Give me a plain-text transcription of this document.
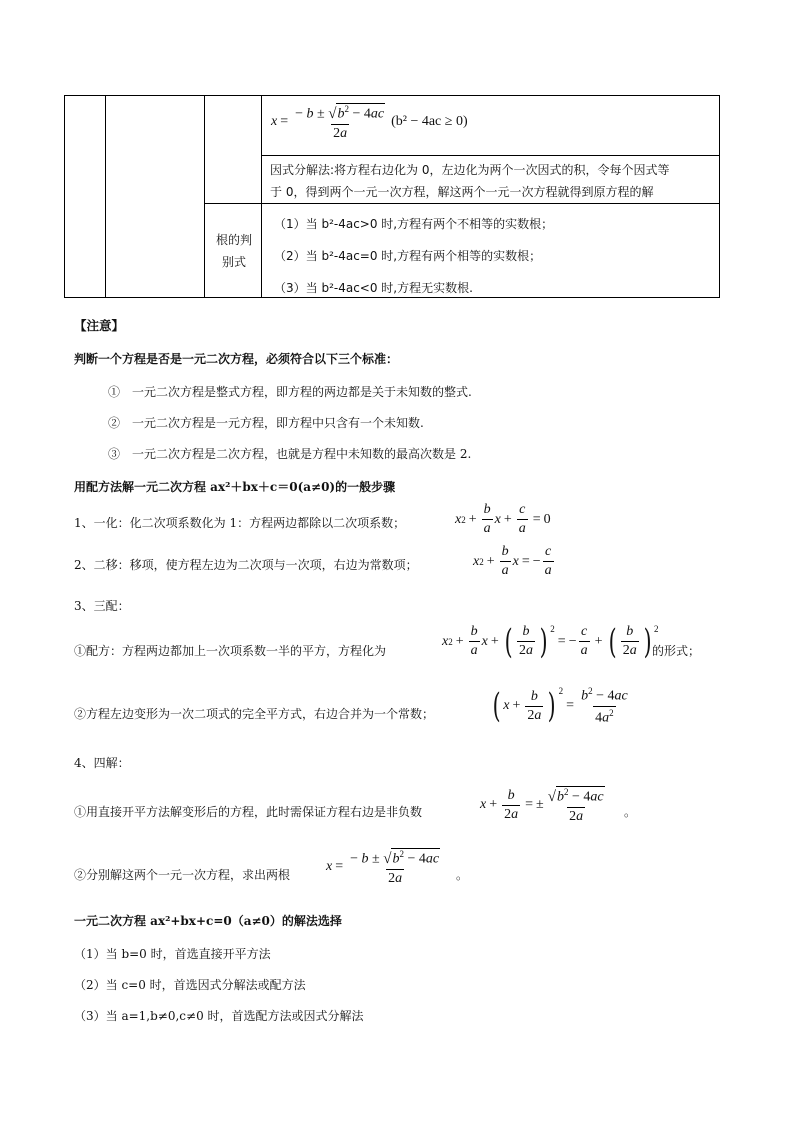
$x = \frac{- b \pm √ b^2 - 4ac}{2a} (b^2 - 4ac \ge 0)$
因式分解法:将方程右边化为 0，左边化为两个一次因式的积，令每个因式等
于 0，得到两个一元一次方程，解这两个一元一次方程就得到原方程的解
根的判
别式
（1）当 b²-4ac>0 时,方程有两个不相等的实数根；
（2）当 b²-4ac=0 时,方程有两个相等的实数根；
（3）当 b²-4ac<0 时,方程无实数根.
【注意】
判断一个方程是否是一元二次方程，必须符合以下三个标准：
①　一元二次方程是整式方程，即方程的两边都是关于未知数的整式.
②　一元二次方程是一元方程，即方程中只含有一个未知数.
③　一元二次方程是二次方程，也就是方程中未知数的最高次数是 2.
用配方法解一元二次方程 ax²＋bx＋c＝0(a≠0)的一般步骤
1、一化：化二次项系数化为 1：方程两边都除以二次项系数；	x $2 + \frac{b}{a}$ $x + \frac{c}{a} = 0$
2、二移：移项，使方程左边为二次项与一次项，右边为常数项；	x $2 + \frac{b}{a}$ x = − $\frac{c}{a}$
3、三配：
①配方：方程两边都加上一次项系数一半的平方，方程化为
x $2 + \frac{b}{a}$ x + ( $\frac{b}{2a}$ ) 2
= − $\frac{c}{a}$ + ( $\frac{b}{2a}$ ) 2
的形式；
②方程左边变形为一次二项式的完全平方式，右边合并为一个常数； ( $x + \frac{b}{2a}$ ) 2
= $\frac{b^2 - 4ac}{4a^2}$
4、四解：
①用直接开平方法解变形后的方程，此时需保证方程右边是非负数	$x + \frac{b}{2a}$ = ± $\frac{√ b^2 - 4ac}{2a}$ 。
②分别解这两个一元一次方程，求出两根
$x = \frac{- b \pm √ b^2 - 4ac}{2a}$ 。
一元二次方程 ax²+bx+c=0（a≠0）的解法选择
（1）当 b=0 时，首选直接开平方法
（2）当 c=0 时，首选因式分解法或配方法
（3）当 a=1,b≠0,c≠0 时，首选配方法或因式分解法
